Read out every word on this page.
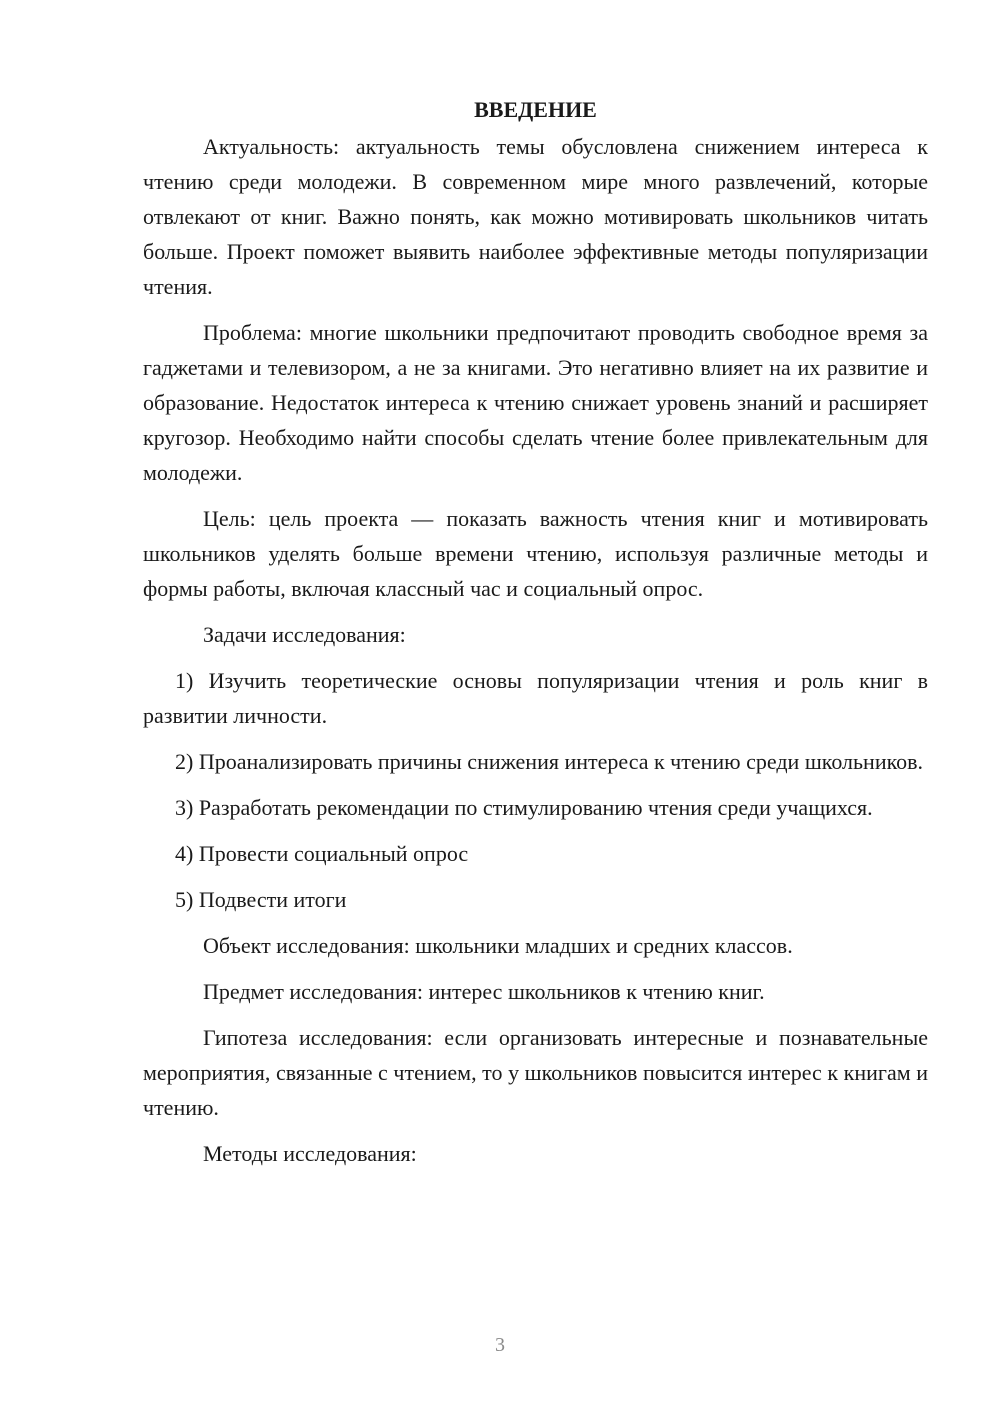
ВВЕДЕНИЕ

Актуальность: актуальность темы обусловлена снижением интереса к чтению среди молодежи. В современном мире много развлечений, которые отвлекают от книг. Важно понять, как можно мотивировать школьников читать больше. Проект поможет выявить наиболее эффективные методы популяризации чтения.

Проблема: многие школьники предпочитают проводить свободное время за гаджетами и телевизором, а не за книгами. Это негативно влияет на их развитие и образование. Недостаток интереса к чтению снижает уровень знаний и расширяет кругозор. Необходимо найти способы сделать чтение более привлекательным для молодежи.

Цель: цель проекта — показать важность чтения книг и мотивировать школьников уделять больше времени чтению, используя различные методы и формы работы, включая классный час и социальный опрос.

Задачи исследования:

1) Изучить теоретические основы популяризации чтения и роль книг в развитии личности.

2) Проанализировать причины снижения интереса к чтению среди школьников.

3) Разработать рекомендации по стимулированию чтения среди учащихся.

4) Провести социальный опрос

5) Подвести итоги

Объект исследования: школьники младших и средних классов.

Предмет исследования: интерес школьников к чтению книг.

Гипотеза исследования: если организовать интересные и познавательные мероприятия, связанные с чтением, то у школьников повысится интерес к книгам и чтению.

Методы исследования:

3
